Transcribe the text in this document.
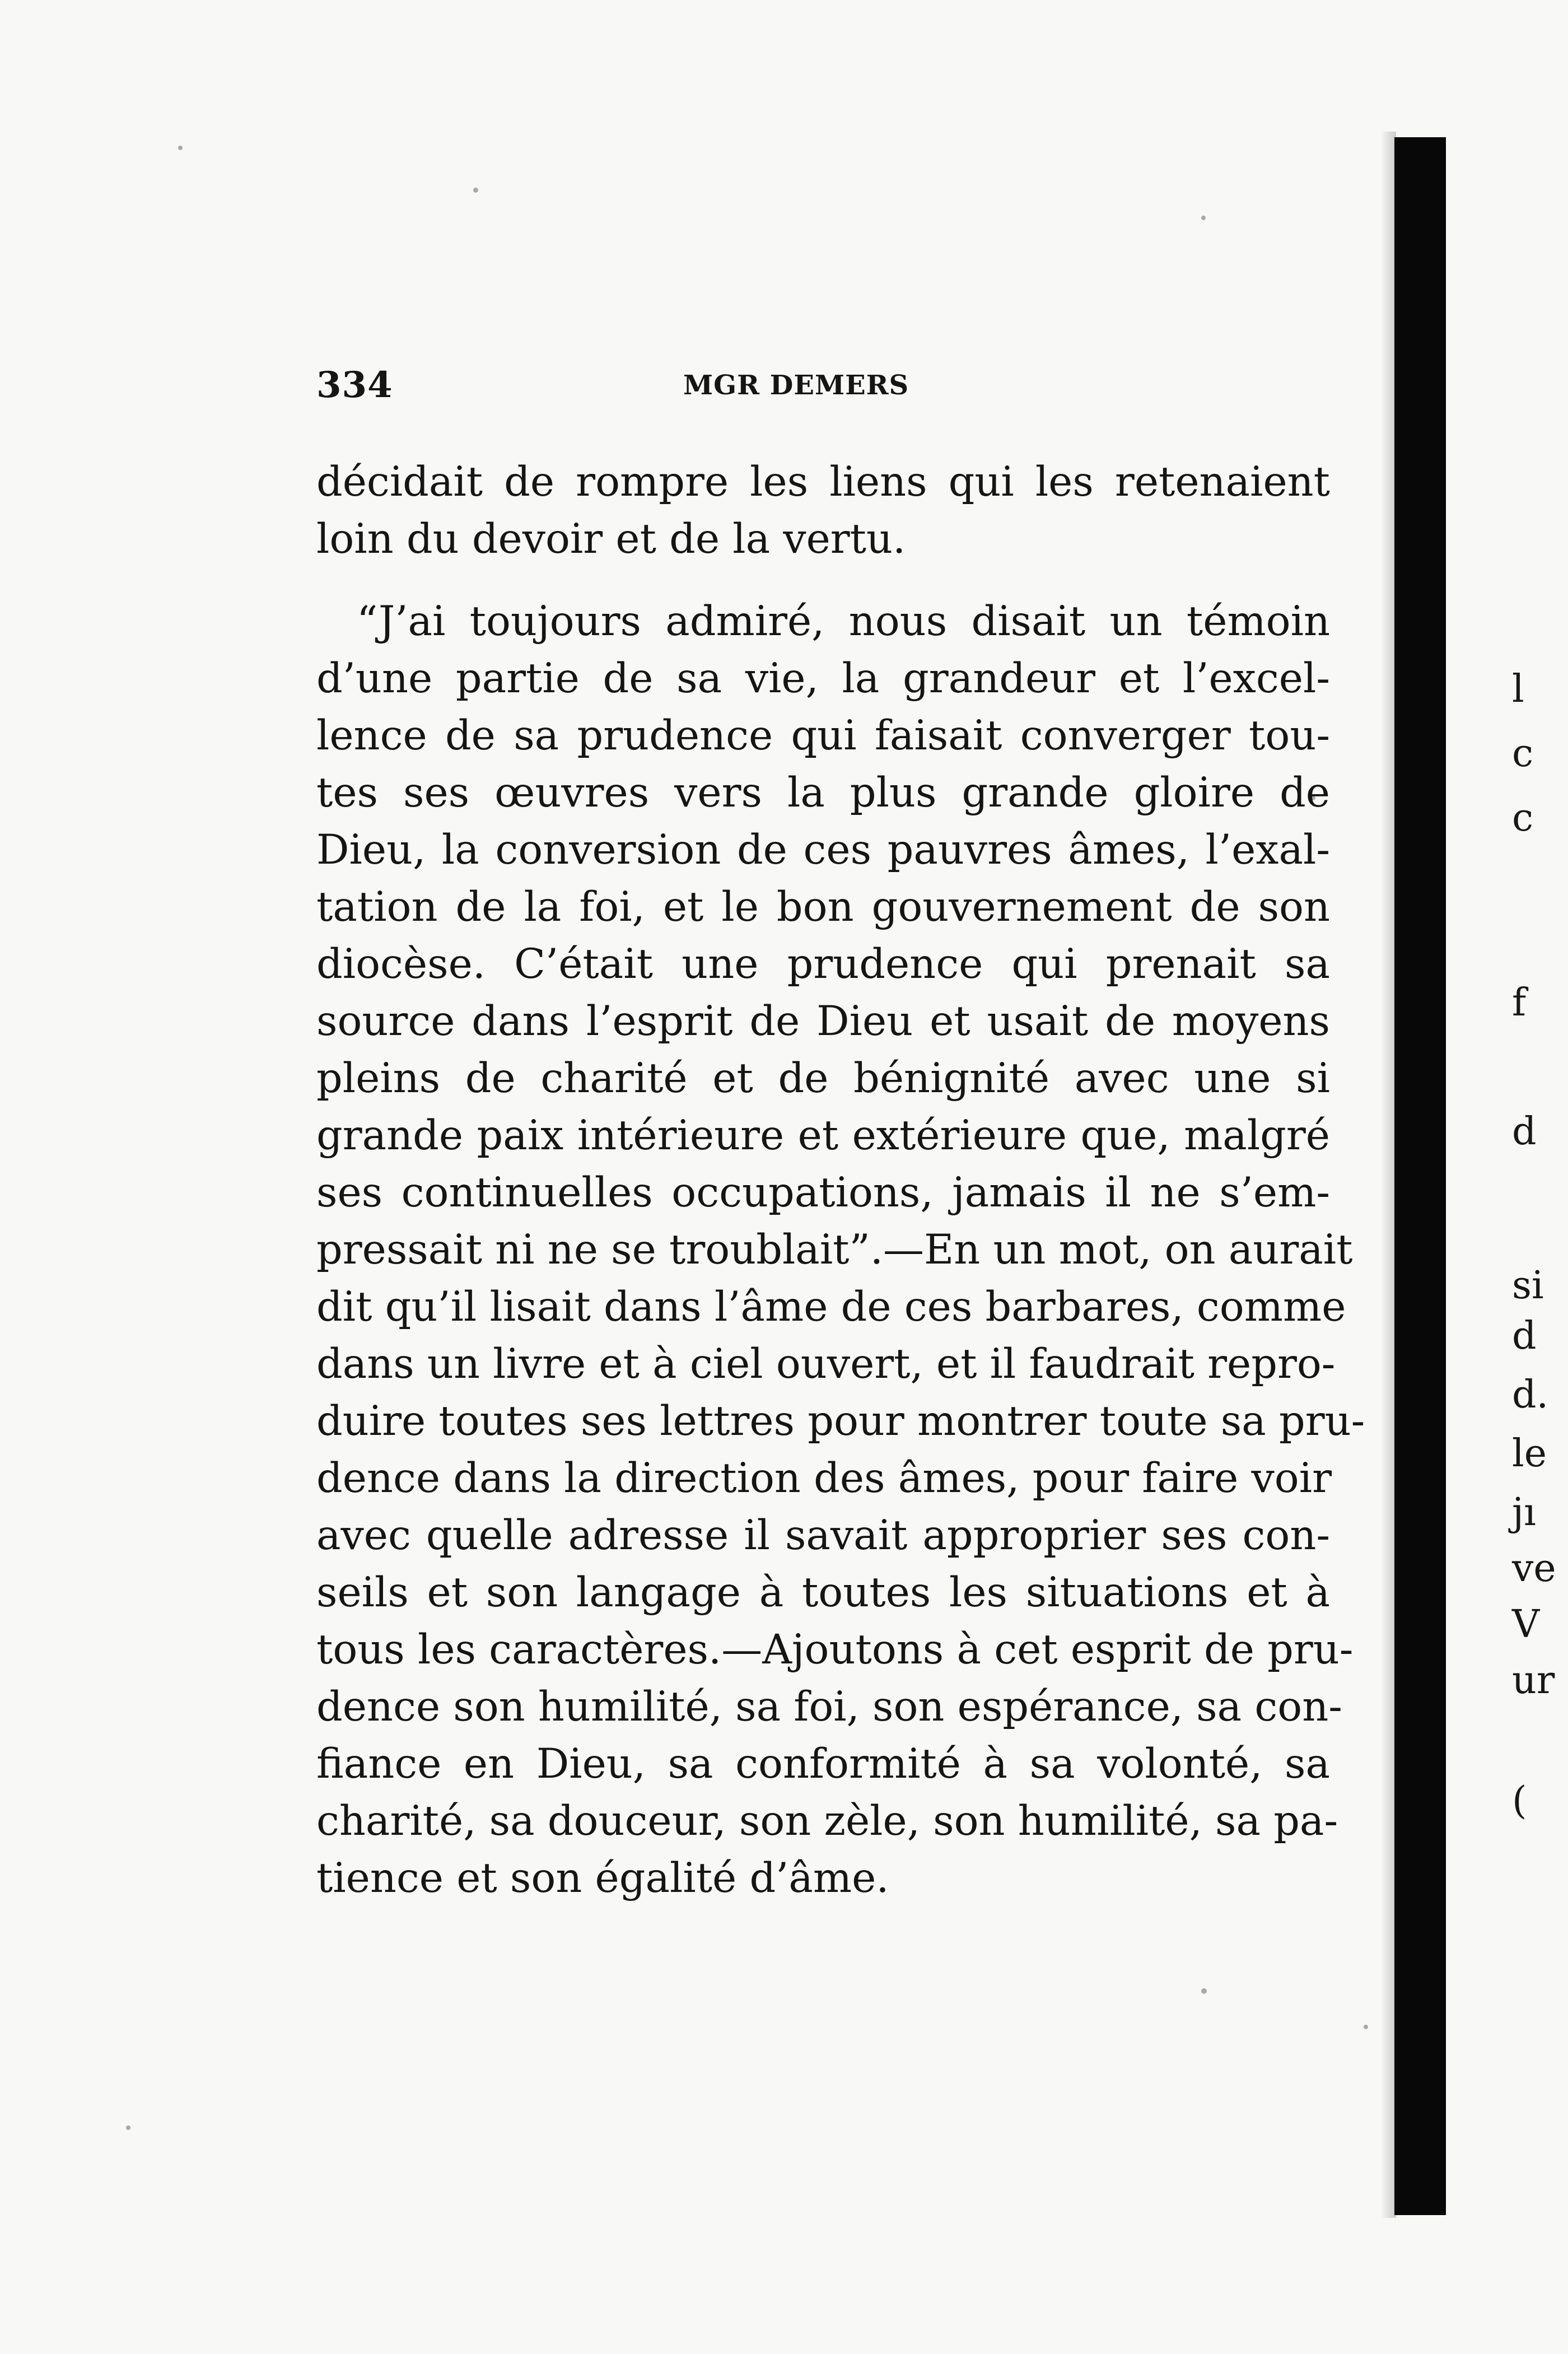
334	MGR DEMERS
décidait de rompre les liens qui les retenaient
loin du devoir et de la vertu.
“J’ai toujours admiré, nous disait un témoin
d’une partie de sa vie, la grandeur et l’excel-
lence de sa prudence qui faisait converger tou-
tes ses œuvres vers la plus grande gloire de
Dieu, la conversion de ces pauvres âmes, l’exal-
tation de la foi, et le bon gouvernement de son
diocèse. C’était une prudence qui prenait sa
source dans l’esprit de Dieu et usait de moyens
pleins de charité et de bénignité avec une si
grande paix intérieure et extérieure que, malgré
ses continuelles occupations, jamais il ne s’em-
pressait ni ne se troublait”.—En un mot, on aurait
dit qu’il lisait dans l’âme de ces barbares, comme
dans un livre et à ciel ouvert, et il faudrait repro-
duire toutes ses lettres pour montrer toute sa pru-
dence dans la direction des âmes, pour faire voir
avec quelle adresse il savait approprier ses con-
seils et son langage à toutes les situations et à
tous les caractères.—Ajoutons à cet esprit de pru-
dence son humilité, sa foi, son espérance, sa con-
fiance en Dieu, sa conformité à sa volonté, sa
charité, sa douceur, son zèle, son humilité, sa pa-
tience et son égalité d’âme.
l
c
c
f
d
si
d
d.
le
jı
ve
V
ur
(
